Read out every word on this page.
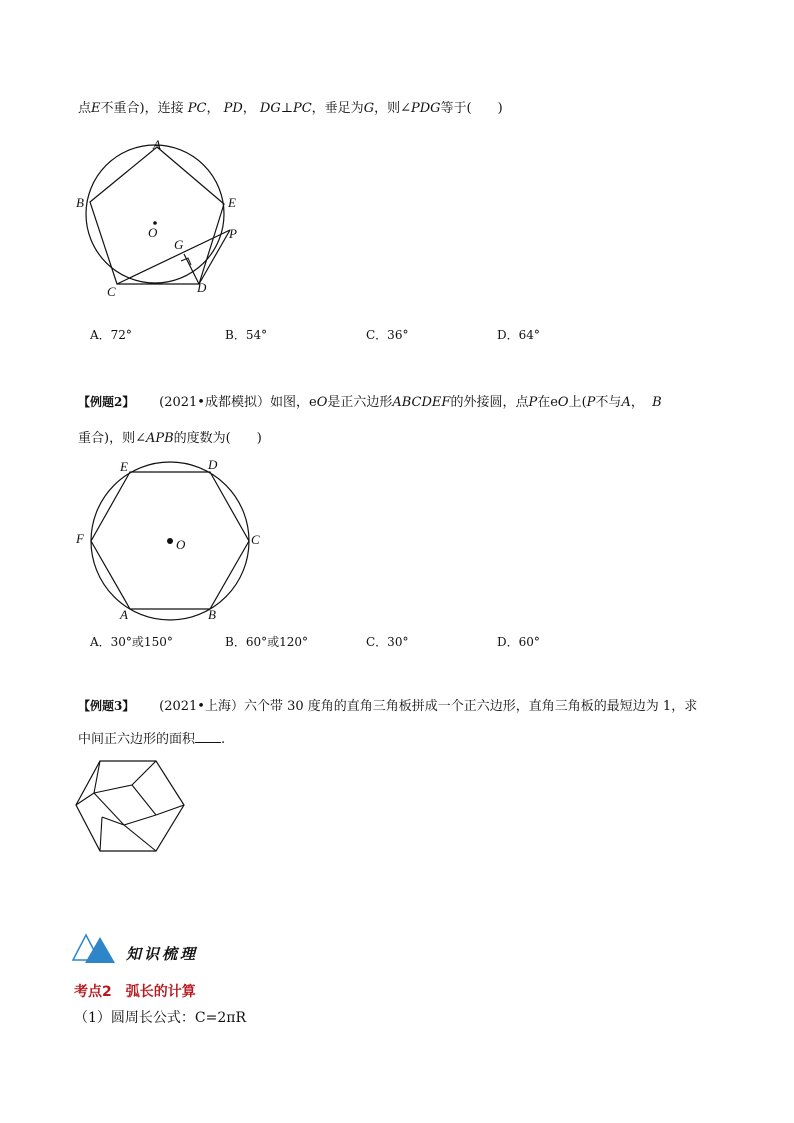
点E不重合)，连接 PC， PD， DG⊥PC，垂足为G，则∠PDG等于(　　)
A
B
C	D
E
P
G
O
A．72°	B．54°	C．36°	D．64°
【例题2】 (2021•成都模拟）如图，eO是正六边形ABCDEF的外接圆，点P在eO上(P不与A， B
重合)，则∠APB的度数为(　　)
E	D
C
B
A
F	O
A．30°或150°	B．60°或120°	C．30°	D．60°
【例题3】 (2021•上海）六个带 30 度角的直角三角板拼成一个正六边形，直角三角板的最短边为 1，求
中间正六边形的面积 .
知识梳理
考点2　弧长的计算
（1）圆周长公式：C=2πR
